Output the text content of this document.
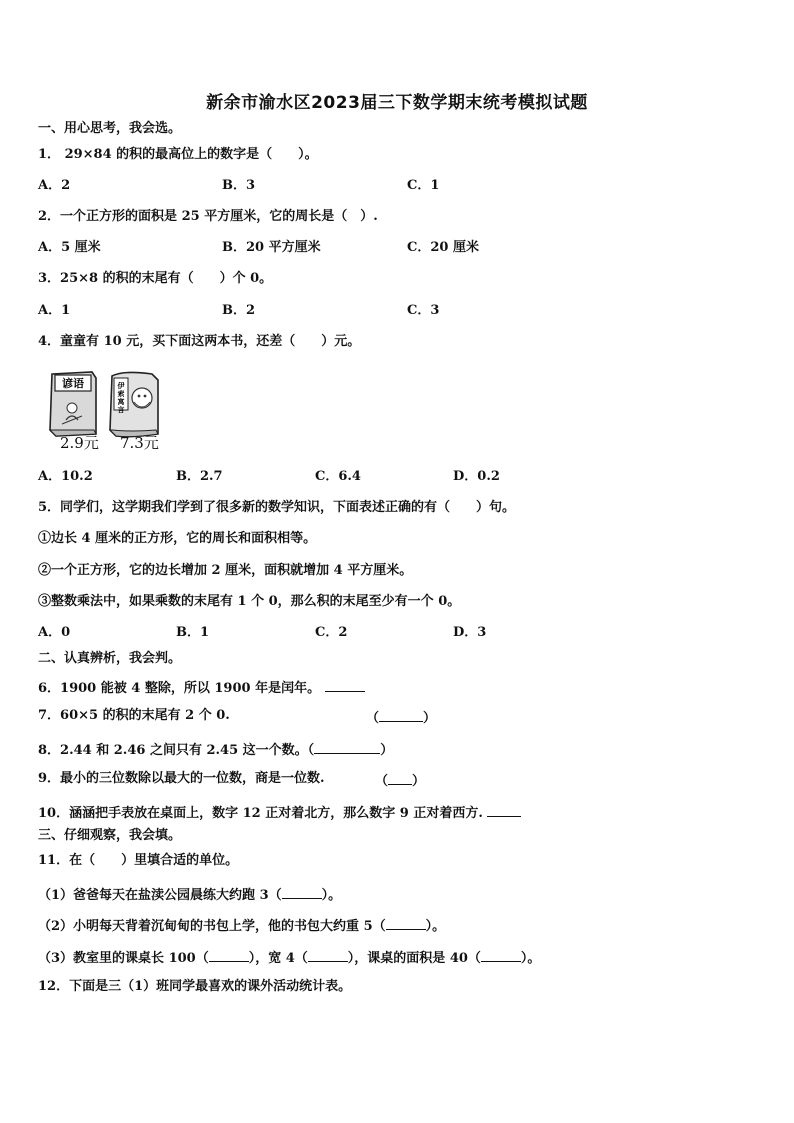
新余市渝水区2023届三下数学期末统考模拟试题
一、用心思考，我会选。
1． 29×84 的积的最高位上的数字是（　　）。
A．2	B．3	C．1
2．一个正方形的面积是 25 平方厘米，它的周长是（　）.
A．5 厘米	B．20 平方厘米	C．20 厘米
3．25×8 的积的末尾有（　　）个 0。
A．1	B．2	C．3
4．童童有 10 元，买下面这两本书，还差（　　）元。
谚语	伊
索
寓
言
2.9元 7.3元
A．10.2	B．2.7	C．6.4	D．0.2
5．同学们，这学期我们学到了很多新的数学知识，下面表述正确的有（　　）句。
①边长 4 厘米的正方形，它的周长和面积相等。
②一个正方形，它的边长增加 2 厘米，面积就增加 4 平方厘米。
③整数乘法中，如果乘数的末尾有 1 个 0，那么积的末尾至少有一个 0。
A．0	B．1	C．2	D．3
二、认真辨析，我会判。
6．1900 能被 4 整除，所以 1900 年是闰年。
7．60×5 的积的末尾有 2 个 0.	（	）
8．2.44 和 2.46 之间只有 2.45 这一个数。（	）
9．最小的三位数除以最大的一位数，商是一位数.	（ ）
10．涵涵把手表放在桌面上，数字 12 正对着北方，那么数字 9 正对着西方.
三、仔细观察，我会填。
11．在（　　）里填合适的单位。
（1）爸爸每天在盐渎公园晨练大约跑 3（	）。
（2）小明每天背着沉甸甸的书包上学，他的书包大约重 5（	）。
（3）教室里的课桌长 100（	），宽 4（	），课桌的面积是 40（	）。
12．下面是三（1）班同学最喜欢的课外活动统计表。
